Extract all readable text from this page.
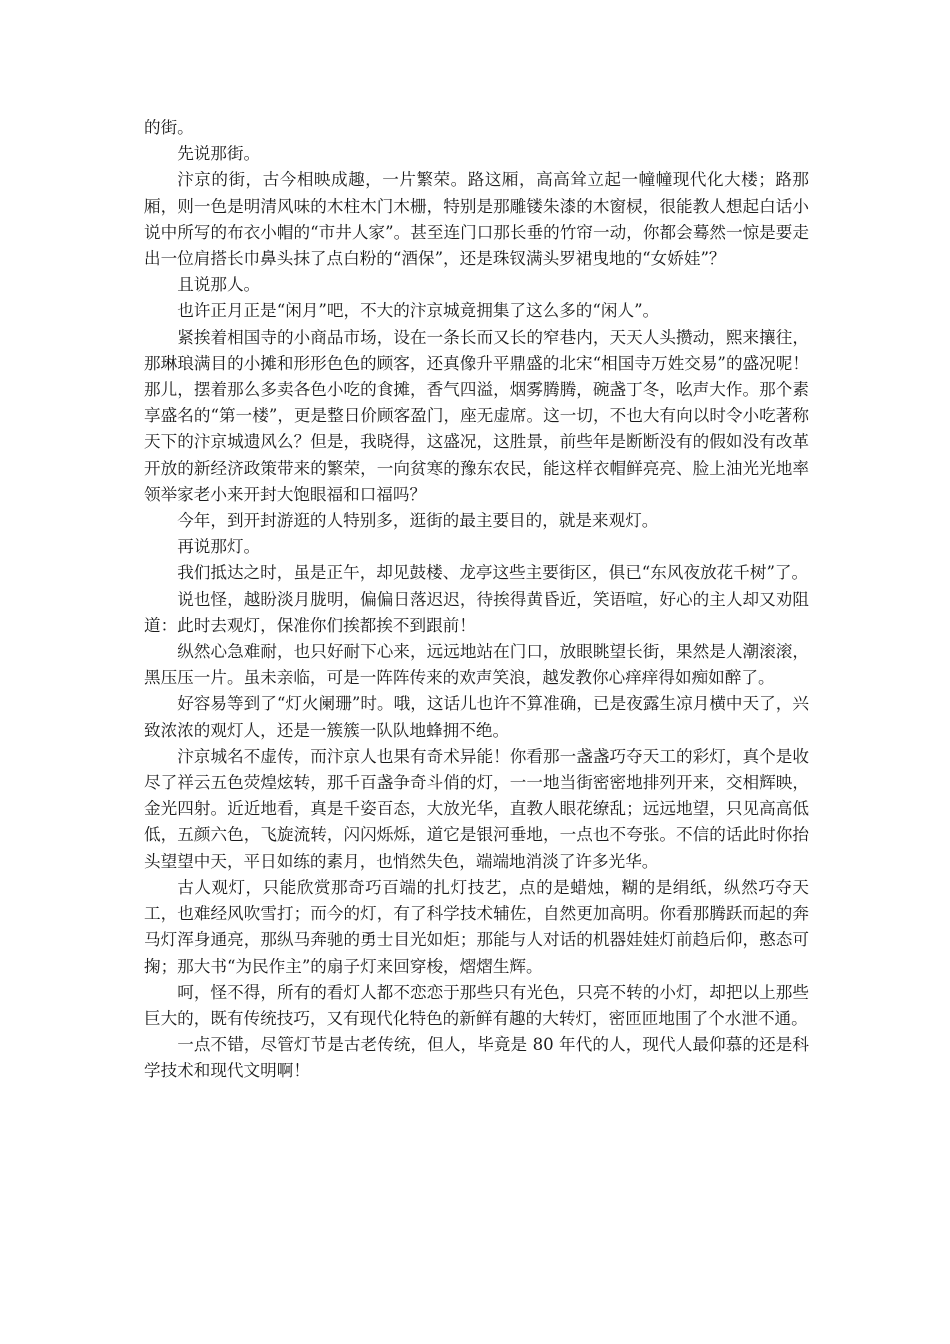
的街。

先说那街。

汴京的街，古今相映成趣，一片繁荣。路这厢，高高耸立起一幢幢现代化大楼；路那厢，则一色是明清风味的木柱木门木栅，特别是那雕镂朱漆的木窗棂，很能教人想起白话小说中所写的布衣小帽的“市井人家”。甚至连门口那长垂的竹帘一动，你都会蓦然一惊是要走出一位肩搭长巾鼻头抹了点白粉的“酒保”，还是珠钗满头罗裙曳地的“女娇娃”？

且说那人。

也许正月正是“闲月”吧，不大的汴京城竟拥集了这么多的“闲人”。

紧挨着相国寺的小商品市场，设在一条长而又长的窄巷内，天天人头攒动，熙来攘往，那琳琅满目的小摊和形形色色的顾客，还真像升平鼎盛的北宋“相国寺万姓交易”的盛况呢！那儿，摆着那么多卖各色小吃的食摊，香气四溢，烟雾腾腾，碗盏丁冬，吆声大作。那个素享盛名的“第一楼”，更是整日价顾客盈门，座无虚席。这一切，不也大有向以时令小吃著称天下的汴京城遗风么？但是，我晓得，这盛况，这胜景，前些年是断断没有的假如没有改革开放的新经济政策带来的繁荣，一向贫寒的豫东农民，能这样衣帽鲜亮亮、脸上油光光地率领举家老小来开封大饱眼福和口福吗？

今年，到开封游逛的人特别多，逛街的最主要目的，就是来观灯。

再说那灯。

我们抵达之时，虽是正午，却见鼓楼、龙亭这些主要街区，俱已“东风夜放花千树”了。

说也怪，越盼淡月胧明，偏偏日落迟迟，待挨得黄昏近，笑语喧，好心的主人却又劝阻道：此时去观灯，保准你们挨都挨不到跟前！

纵然心急难耐，也只好耐下心来，远远地站在门口，放眼眺望长街，果然是人潮滚滚，黑压压一片。虽未亲临，可是一阵阵传来的欢声笑浪，越发教你心痒痒得如痴如醉了。

好容易等到了“灯火阑珊”时。哦，这话儿也许不算准确，已是夜露生凉月横中天了，兴致浓浓的观灯人，还是一簇簇一队队地蜂拥不绝。

汴京城名不虚传，而汴京人也果有奇术异能！你看那一盏盏巧夺天工的彩灯，真个是收尽了祥云五色荧煌炫转，那千百盏争奇斗俏的灯，一一地当街密密地排列开来，交相辉映，金光四射。近近地看，真是千姿百态，大放光华，直教人眼花缭乱；远远地望，只见高高低低，五颜六色，飞旋流转，闪闪烁烁，道它是银河垂地，一点也不夸张。不信的话此时你抬头望望中天，平日如练的素月，也悄然失色，端端地消淡了许多光华。

古人观灯，只能欣赏那奇巧百端的扎灯技艺，点的是蜡烛，糊的是绢纸，纵然巧夺天工，也难经风吹雪打；而今的灯，有了科学技术辅佐，自然更加高明。你看那腾跃而起的奔马灯浑身通亮，那纵马奔驰的勇士目光如炬；那能与人对话的机器娃娃灯前趋后仰，憨态可掬；那大书“为民作主”的扇子灯来回穿梭，熠熠生辉。

呵，怪不得，所有的看灯人都不恋恋于那些只有光色，只亮不转的小灯，却把以上那些巨大的，既有传统技巧，又有现代化特色的新鲜有趣的大转灯，密匝匝地围了个水泄不通。

一点不错，尽管灯节是古老传统，但人，毕竟是 80 年代的人，现代人最仰慕的还是科学技术和现代文明啊！
